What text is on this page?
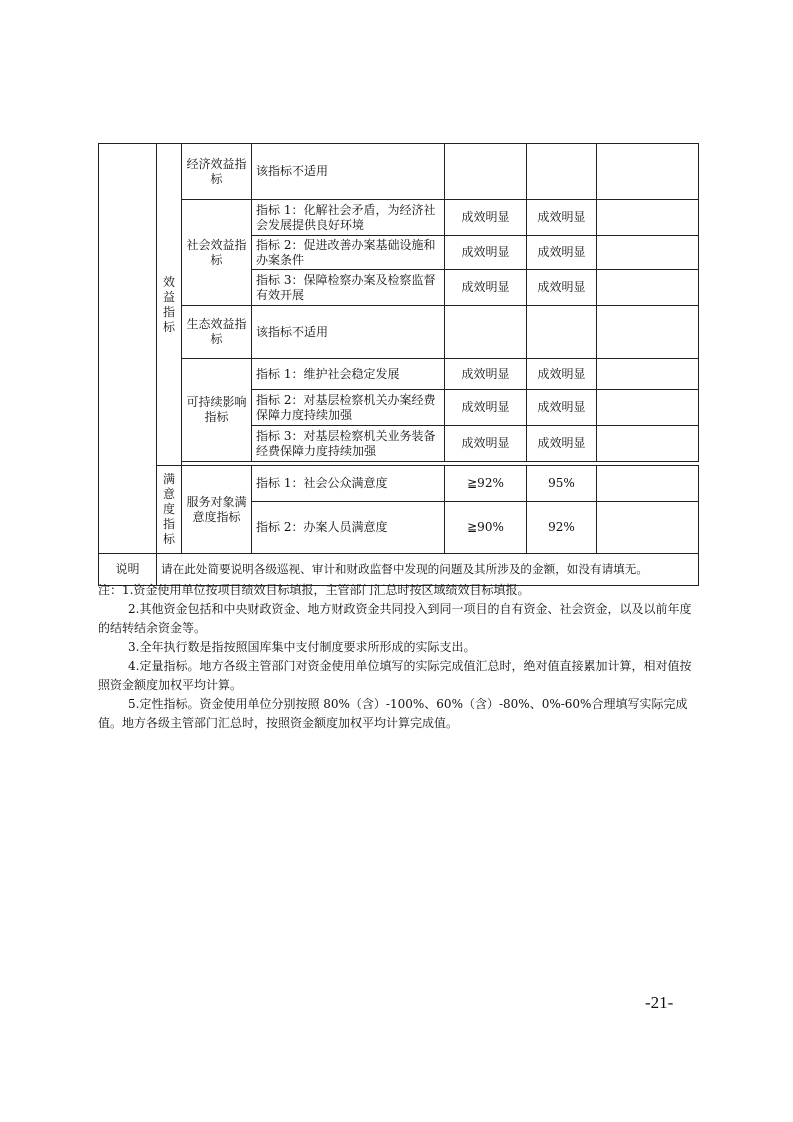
	效益指标	经济效益指标	该指标不适用			
		社会效益指标	指标 1：化解社会矛盾，为经济社会发展提供良好环境	成效明显	成效明显	
			指标 2：促进改善办案基础设施和办案条件	成效明显	成效明显	
			指标 3：保障检察办案及检察监督有效开展	成效明显	成效明显	
		生态效益指标	该指标不适用			
		可持续影响指标	指标 1：维护社会稳定发展	成效明显	成效明显	
			指标 2：对基层检察机关办案经费保障力度持续加强	成效明显	成效明显	
			指标 3：对基层检察机关业务装备经费保障力度持续加强	成效明显	成效明显	

	满意度指标	服务对象满意度指标	指标 1：社会公众满意度	≧92%	95%	
			指标 2：办案人员满意度	≧90%	92%	
说明	请在此处简要说明各级巡视、审计和财政监督中发现的问题及其所涉及的金额，如没有请填无。					

注：1.资金使用单位按项目绩效目标填报，主管部门汇总时按区域绩效目标填报。

2.其他资金包括和中央财政资金、地方财政资金共同投入到同一项目的自有资金、社会资金，以及以前年度的结转结余资金等。

3.全年执行数是指按照国库集中支付制度要求所形成的实际支出。

4.定量指标。地方各级主管部门对资金使用单位填写的实际完成值汇总时，绝对值直接累加计算，相对值按照资金额度加权平均计算。

5.定性指标。资金使用单位分别按照 80%（含）-100%、60%（含）-80%、0%-60%合理填写实际完成值。地方各级主管部门汇总时，按照资金额度加权平均计算完成值。

-21-
